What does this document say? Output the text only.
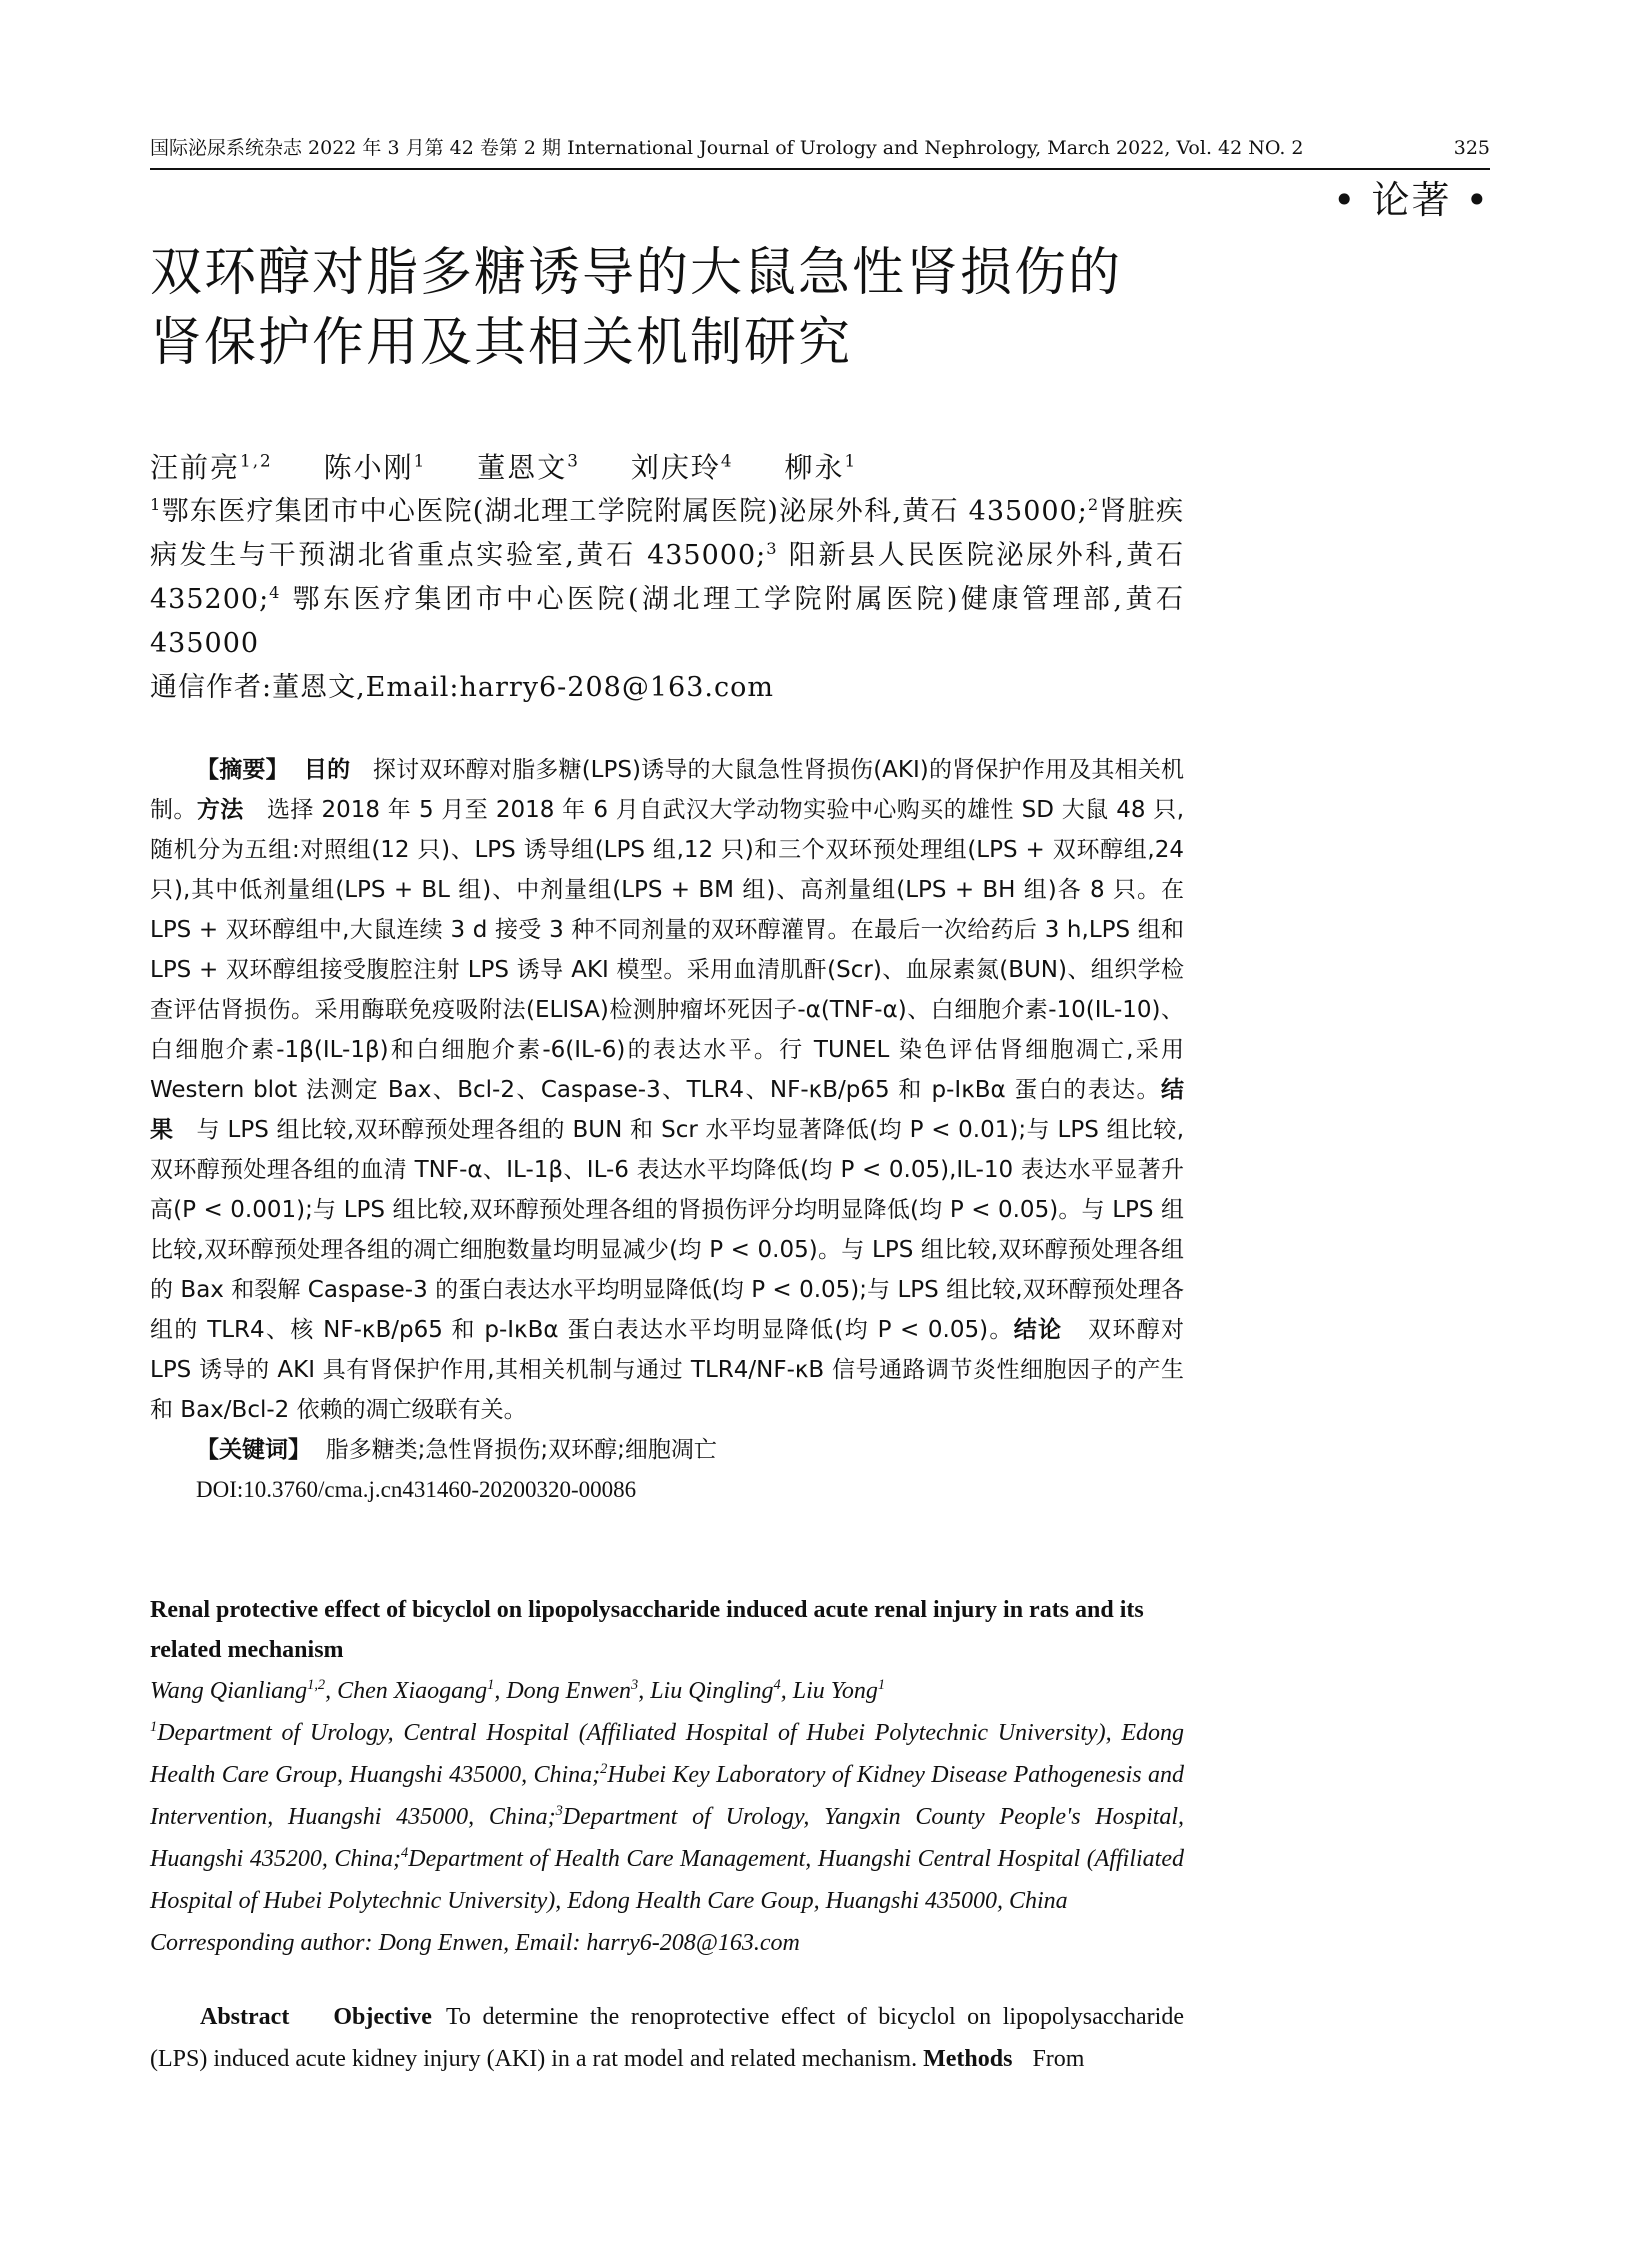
国际泌尿系统杂志 2022 年 3 月第 42 卷第 2 期 International Journal of Urology and Nephrology, March 2022, Vol. 42 NO. 2	325
• 论著 •
双环醇对脂多糖诱导的大鼠急性肾损伤的
肾保护作用及其相关机制研究
汪前亮$^{1,2}$ 陈小刚$^1$ 董恩文$^3$ 刘庆玲$^4$ 柳永$^1$

$^1$鄂东医疗集团市中心医院(湖北理工学院附属医院)泌尿外科,黄石 435000;$^2$肾脏疾病发生与干预湖北省重点实验室,黄石 435000;$^3$ 阳新县人民医院泌尿外科,黄石 435200;$^4$ 鄂东医疗集团市中心医院(湖北理工学院附属医院)健康管理部,黄石 435000

通信作者:董恩文,Email:harry6-208@163.com

【摘要】 目的 探讨双环醇对脂多糖(LPS)诱导的大鼠急性肾损伤(AKI)的肾保护作用及其相关机制。方法 选择 2018 年 5 月至 2018 年 6 月自武汉大学动物实验中心购买的雄性 SD 大鼠 48 只,随机分为五组:对照组(12 只)、LPS 诱导组(LPS 组,12 只)和三个双环预处理组(LPS + 双环醇组,24 只),其中低剂量组(LPS + BL 组)、中剂量组(LPS + BM 组)、高剂量组(LPS + BH 组)各 8 只。在 LPS + 双环醇组中,大鼠连续 3 d 接受 3 种不同剂量的双环醇灌胃。在最后一次给药后 3 h,LPS 组和 LPS + 双环醇组接受腹腔注射 LPS 诱导 AKI 模型。采用血清肌酐(Scr)、血尿素氮(BUN)、组织学检查评估肾损伤。采用酶联免疫吸附法(ELISA)检测肿瘤坏死因子-α(TNF-α)、白细胞介素-10(IL-10)、白细胞介素-1β(IL-1β)和白细胞介素-6(IL-6)的表达水平。行 TUNEL 染色评估肾细胞凋亡,采用 Western blot 法测定 Bax、Bcl-2、Caspase-3、TLR4、NF-κB/p65 和 p-IκBα 蛋白的表达。结果 与 LPS 组比较,双环醇预处理各组的 BUN 和 Scr 水平均显著降低(均 P < 0.01);与 LPS 组比较,双环醇预处理各组的血清 TNF-α、IL-1β、IL-6 表达水平均降低(均 P < 0.05),IL-10 表达水平显著升高(P < 0.001);与 LPS 组比较,双环醇预处理各组的肾损伤评分均明显降低(均 P < 0.05)。与 LPS 组比较,双环醇预处理各组的凋亡细胞数量均明显减少(均 P < 0.05)。与 LPS 组比较,双环醇预处理各组的 Bax 和裂解 Caspase-3 的蛋白表达水平均明显降低(均 P < 0.05);与 LPS 组比较,双环醇预处理各组的 TLR4、核 NF-κB/p65 和 p-IκBα 蛋白表达水平均明显降低(均 P < 0.05)。结论 双环醇对 LPS 诱导的 AKI 具有肾保护作用,其相关机制与通过 TLR4/NF-κB 信号通路调节炎性细胞因子的产生和 Bax/Bcl-2 依赖的凋亡级联有关。

【关键词】 脂多糖类;急性肾损伤;双环醇;细胞凋亡

DOI:10.3760/cma.j.cn431460-20200320-00086

Renal protective effect of bicyclol on lipopolysaccharide induced acute renal injury in rats and its related mechanism

Wang Qianliang$^{1,2}$, Chen Xiaogang$^1$, Dong Enwen$^3$, Liu Qingling$^4$, Liu Yong$^1$

$^1$Department of Urology, Central Hospital (Affiliated Hospital of Hubei Polytechnic University), Edong Health Care Group, Huangshi 435000, China;$^2$Hubei Key Laboratory of Kidney Disease Pathogenesis and Intervention, Huangshi 435000, China;$^3$Department of Urology, Yangxin County People's Hospital, Huangshi 435200, China;$^4$Department of Health Care Management, Huangshi Central Hospital (Affiliated Hospital of Hubei Polytechnic University), Edong Health Care Goup, Huangshi 435000, China

Corresponding author: Dong Enwen, Email: harry6-208@163.com

Abstract Objective To determine the renoprotective effect of bicyclol on lipopolysaccharide (LPS) induced acute kidney injury (AKI) in a rat model and related mechanism. Methods From
